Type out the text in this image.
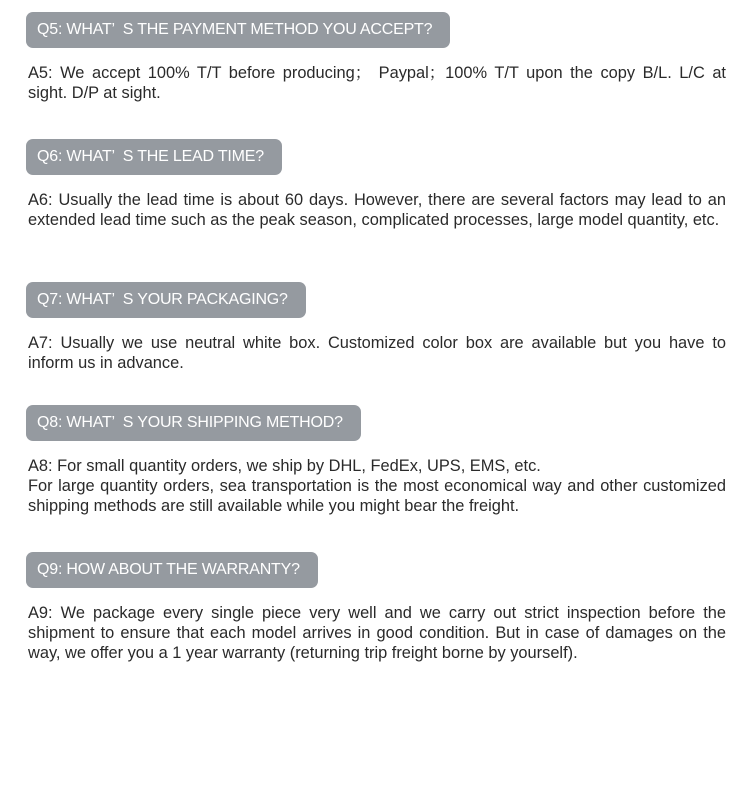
Q5: WHAT’  S THE PAYMENT METHOD YOU ACCEPT?

A5: We accept 100% T/T before producing； Paypal；100% T/T upon the copy B/L. L/C at sight. D/P at sight.

Q6: WHAT’  S THE LEAD TIME?

A6: Usually the lead time is about 60 days. However, there are several factors may lead to an extended lead time such as the peak season, complicated processes, large model quantity, etc.

Q7: WHAT’  S YOUR PACKAGING?

A7: Usually we use neutral white box. Customized color box are available but you have to inform us in advance.

Q8: WHAT’  S YOUR SHIPPING METHOD?

A8: For small quantity orders, we ship by DHL, FedEx, UPS, EMS, etc.
For large quantity orders, sea transportation is the most economical way and other customized shipping methods are still available while you might bear the freight.

Q9: HOW ABOUT THE WARRANTY?

A9: We package every single piece very well and we carry out strict inspection before the shipment to ensure that each model arrives in good condition. But in case of damages on the way, we offer you a 1 year warranty (returning trip freight borne by yourself).
